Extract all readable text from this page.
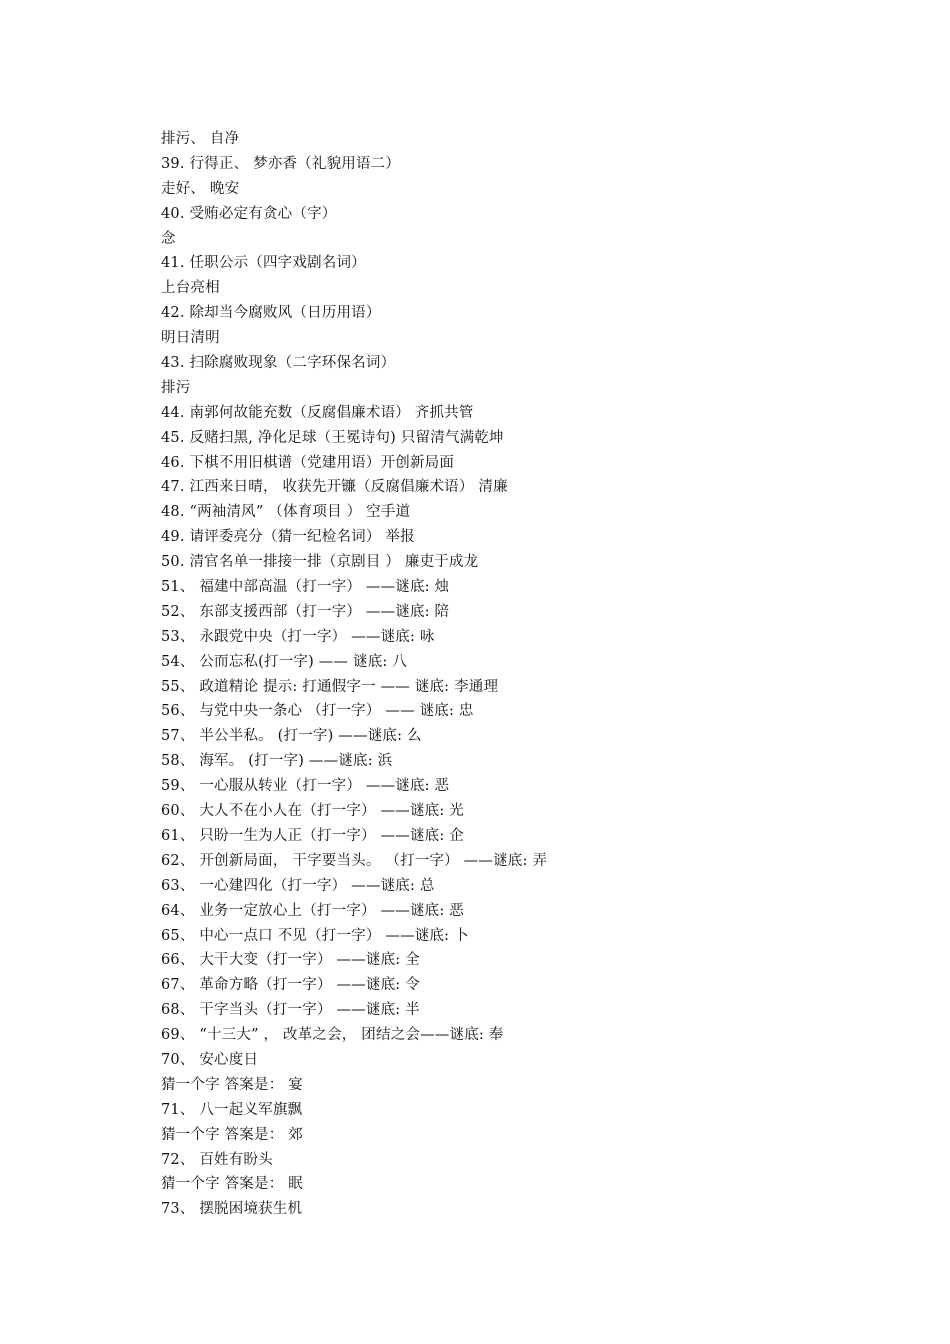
排污、 自净
39. 行得正、 梦亦香（礼貌用语二）
走好、 晚安
40. 受贿必定有贪心（字）
念
41. 任职公示（四字戏剧名词）
上台亮相
42. 除却当今腐败风（日历用语）
明日清明
43. 扫除腐败现象（二字环保名词）
排污
44. 南郭何故能充数（反腐倡廉术语） 齐抓共管
45. 反赌扫黑, 净化足球（王冕诗句) 只留清气满乾坤
46. 下棋不用旧棋谱（党建用语）开创新局面
47. 江西来日晴， 收获先开镰（反腐倡廉术语） 清廉
48. “两袖清风” （体育项目 ） 空手道
49. 请评委亮分（猜一纪检名词） 举报
50. 清官名单一排接一排（京剧目 ） 廉吏于成龙
51、 福建中部高温（打一字） ——谜底: 烛
52、 东部支援西部（打一字） ——谜底: 陪
53、 永跟党中央（打一字） ——谜底: 咏
54、 公而忘私(打一字) —— 谜底: 八
55、 政道精论 提示: 打通假字一 —— 谜底: 李通理
56、 与党中央一条心 （打一字） —— 谜底: 忠
57、 半公半私。 (打一字) ——谜底: 么
58、 海军。 (打一字) ——谜底: 浜
59、 一心服从转业（打一字） ——谜底: 恶
60、 大人不在小人在（打一字） ——谜底: 光
61、 只盼一生为人正（打一字） ——谜底: 企
62、 开创新局面， 干字要当头。 （打一字） ——谜底: 弄
63、 一心建四化（打一字） ——谜底: 总
64、 业务一定放心上（打一字） ——谜底: 恶
65、 中心一点口 不见（打一字） ——谜底: 卜
66、 大干大变（打一字） ——谜底: 全
67、 革命方略（打一字） ——谜底: 令
68、 干字当头（打一字） ——谜底: 半
69、 “十三大” ， 改革之会， 团结之会——谜底: 奉
70、 安心度日
猜一个字 答案是： 宴
71、 八一起义军旗飘
猜一个字 答案是： 郊
72、 百姓有盼头
猜一个字 答案是： 眠
73、 摆脱困境获生机
